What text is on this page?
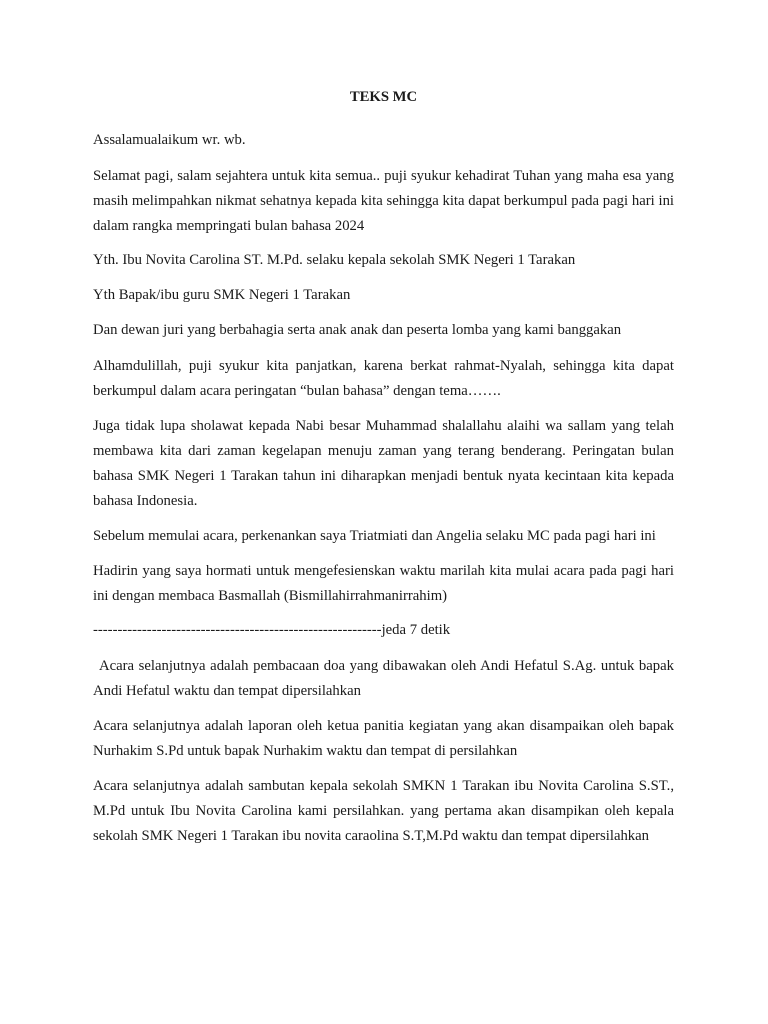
TEKS MC
Assalamualaikum wr. wb.
Selamat pagi, salam sejahtera untuk kita semua.. puji syukur kehadirat Tuhan yang maha esa yang masih melimpahkan nikmat sehatnya kepada kita sehingga kita dapat berkumpul pada pagi hari ini dalam rangka mempringati bulan bahasa 2024
Yth. Ibu Novita Carolina ST. M.Pd. selaku kepala sekolah SMK Negeri 1 Tarakan
Yth Bapak/ibu guru SMK Negeri 1 Tarakan
Dan dewan juri yang berbahagia serta anak anak dan peserta lomba yang kami banggakan
Alhamdulillah, puji syukur kita panjatkan, karena berkat rahmat-Nyalah, sehingga kita dapat berkumpul dalam acara peringatan “bulan bahasa” dengan tema…….
Juga tidak lupa sholawat kepada Nabi besar Muhammad shalallahu alaihi wa sallam yang telah membawa kita dari zaman kegelapan menuju zaman yang terang benderang. Peringatan bulan bahasa SMK Negeri 1 Tarakan tahun ini diharapkan menjadi bentuk nyata kecintaan kita kepada bahasa Indonesia.
Sebelum memulai acara, perkenankan saya Triatmiati dan Angelia selaku MC pada pagi hari ini
Hadirin yang saya hormati untuk mengefesienskan waktu marilah kita mulai acara pada pagi hari ini dengan membaca Basmallah (Bismillahirrahmanirrahim)
-----------------------------------------------------------jeda 7 detik
Acara selanjutnya adalah pembacaan doa yang dibawakan oleh Andi Hefatul S.Ag. untuk bapak Andi Hefatul waktu dan tempat dipersilahkan
Acara selanjutnya adalah laporan oleh ketua panitia kegiatan yang akan disampaikan oleh bapak Nurhakim S.Pd untuk bapak Nurhakim waktu dan tempat di persilahkan
Acara selanjutnya adalah sambutan kepala sekolah SMKN 1 Tarakan ibu Novita Carolina S.ST., M.Pd untuk Ibu Novita Carolina kami persilahkan. yang pertama akan disampikan oleh kepala sekolah SMK Negeri 1 Tarakan ibu novita caraolina S.T,M.Pd waktu dan tempat dipersilahkan
